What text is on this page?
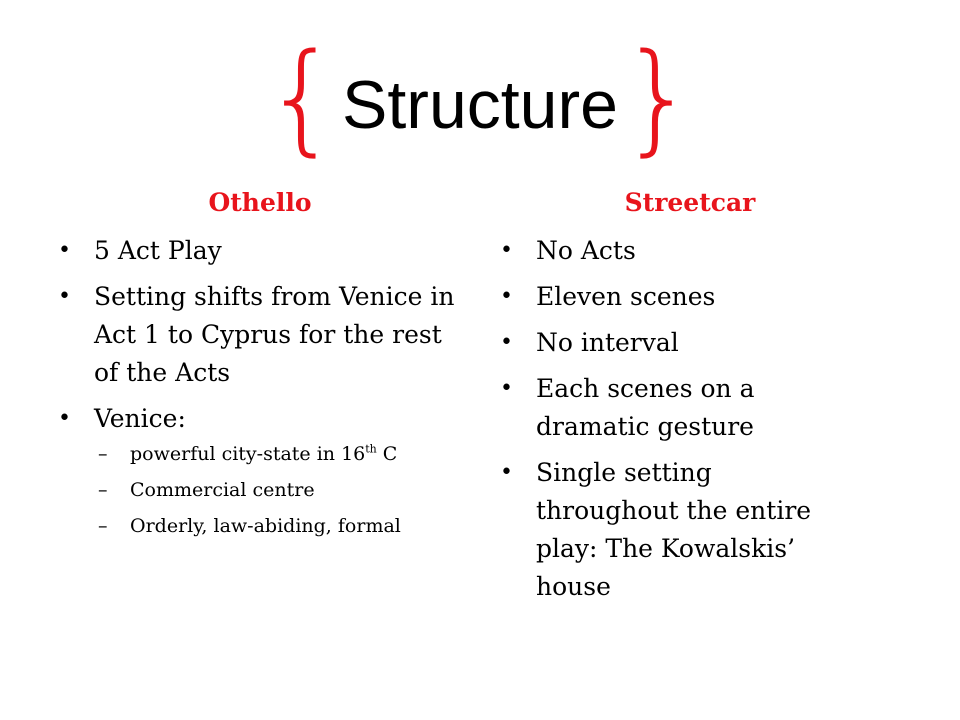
{ Structure }
Othello	Streetcar
• 5 Act Play
• Setting shifts from Venice in Act 1 to Cyprus for the rest of the Acts
• Venice:
– powerful city-state in 16th C
– Commercial centre
– Orderly, law-abiding, formal
• No Acts
• Eleven scenes
• No interval
• Each scenes on a dramatic gesture
• Single setting throughout the entire play: The Kowalskis’ house
